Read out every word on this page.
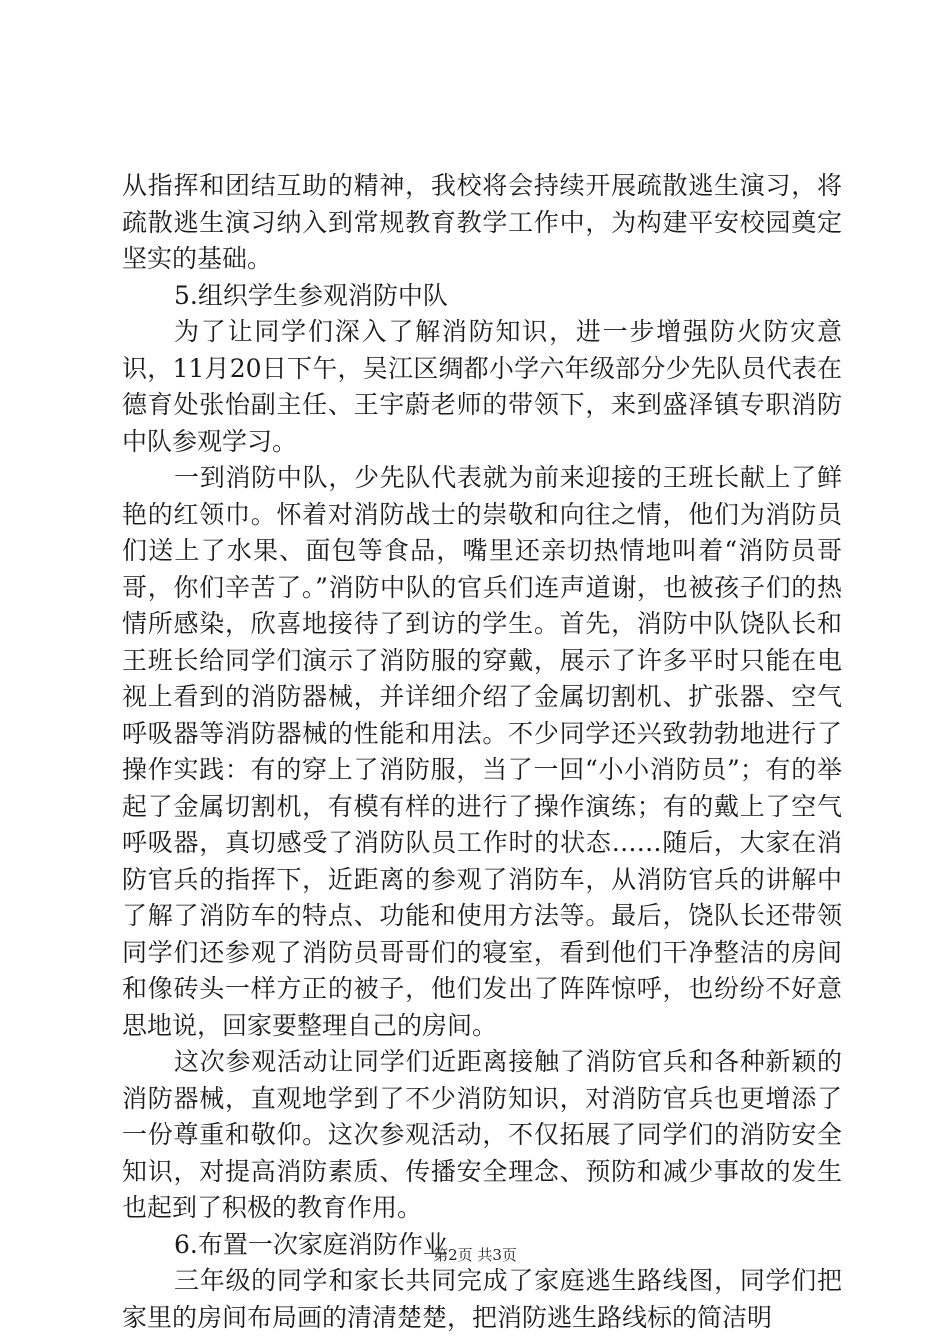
从指挥和团结互助的精神，我校将会持续开展疏散逃生演习，将疏散逃生演习纳入到常规教育教学工作中，为构建平安校园奠定坚实的基础。

5.组织学生参观消防中队

为了让同学们深入了解消防知识，进一步增强防火防灾意识，11月20日下午，吴江区绸都小学六年级部分少先队员代表在德育处张怡副主任、王宇蔚老师的带领下，来到盛泽镇专职消防中队参观学习。

一到消防中队，少先队代表就为前来迎接的王班长献上了鲜艳的红领巾。怀着对消防战士的崇敬和向往之情，他们为消防员们送上了水果、面包等食品，嘴里还亲切热情地叫着“消防员哥哥，你们辛苦了。”消防中队的官兵们连声道谢，也被孩子们的热情所感染，欣喜地接待了到访的学生。首先，消防中队饶队长和王班长给同学们演示了消防服的穿戴，展示了许多平时只能在电视上看到的消防器械，并详细介绍了金属切割机、扩张器、空气呼吸器等消防器械的性能和用法。不少同学还兴致勃勃地进行了操作实践：有的穿上了消防服，当了一回“小小消防员”；有的举起了金属切割机，有模有样的进行了操作演练；有的戴上了空气呼吸器，真切感受了消防队员工作时的状态……随后，大家在消防官兵的指挥下，近距离的参观了消防车，从消防官兵的讲解中了解了消防车的特点、功能和使用方法等。最后，饶队长还带领同学们还参观了消防员哥哥们的寝室，看到他们干净整洁的房间和像砖头一样方正的被子，他们发出了阵阵惊呼，也纷纷不好意思地说，回家要整理自己的房间。

这次参观活动让同学们近距离接触了消防官兵和各种新颖的消防器械，直观地学到了不少消防知识，对消防官兵也更增添了一份尊重和敬仰。这次参观活动，不仅拓展了同学们的消防安全知识，对提高消防素质、传播安全理念、预防和减少事故的发生也起到了积极的教育作用。

6.布置一次家庭消防作业

三年级的同学和家长共同完成了家庭逃生路线图，同学们把家里的房间布局画的清清楚楚，把消防逃生路线标的简洁明

第2页 共3页
